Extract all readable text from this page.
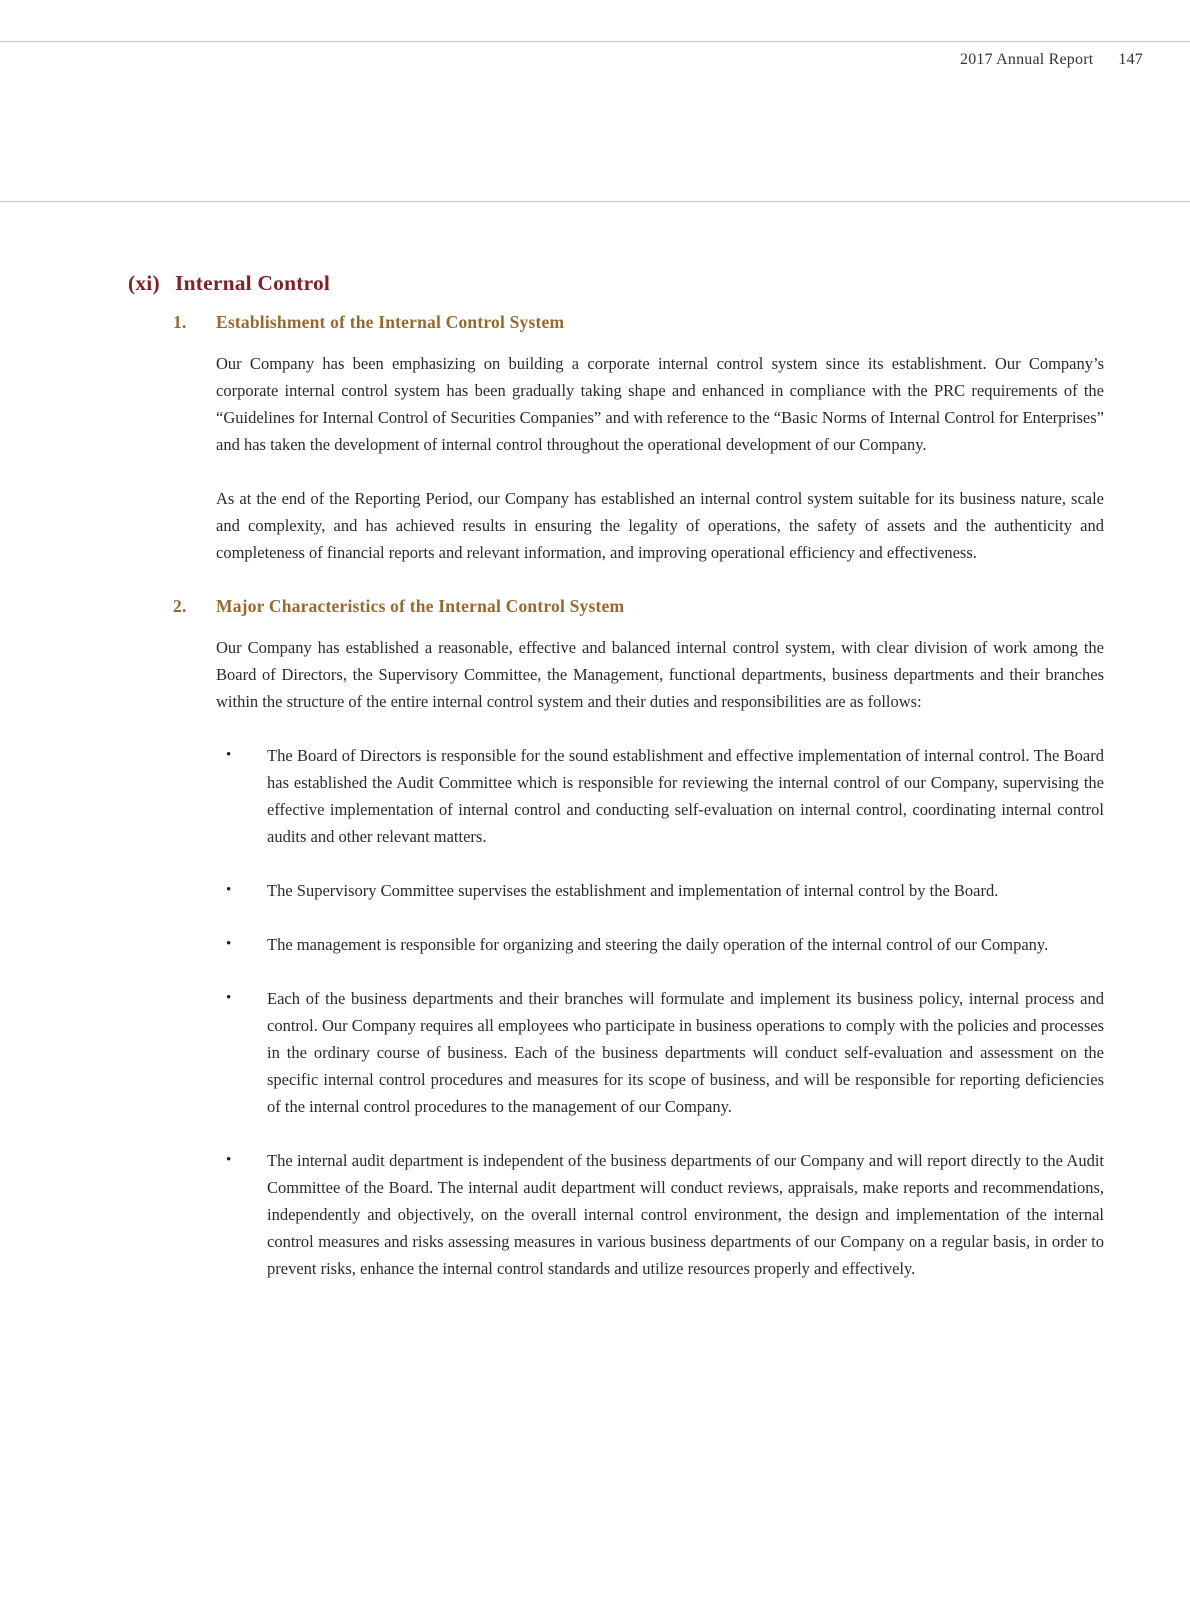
2017 Annual Report 147
(xi) Internal Control
1.	Establishment of the Internal Control System

Our Company has been emphasizing on building a corporate internal control system since its establishment. Our Company’s corporate internal control system has been gradually taking shape and enhanced in compliance with the PRC requirements of the “Guidelines for Internal Control of Securities Companies” and with reference to the “Basic Norms of Internal Control for Enterprises” and has taken the development of internal control throughout the operational development of our Company.

As at the end of the Reporting Period, our Company has established an internal control system suitable for its business nature, scale and complexity, and has achieved results in ensuring the legality of operations, the safety of assets and the authenticity and completeness of financial reports and relevant information, and improving operational efficiency and effectiveness.

2.	Major Characteristics of the Internal Control System

Our Company has established a reasonable, effective and balanced internal control system, with clear division of work among the Board of Directors, the Supervisory Committee, the Management, functional departments, business departments and their branches within the structure of the entire internal control system and their duties and responsibilities are as follows:

•	The Board of Directors is responsible for the sound establishment and effective implementation of internal control. The Board has established the Audit Committee which is responsible for reviewing the internal control of our Company, supervising the effective implementation of internal control and conducting self-evaluation on internal control, coordinating internal control audits and other relevant matters.
•	The Supervisory Committee supervises the establishment and implementation of internal control by the Board.
•	The management is responsible for organizing and steering the daily operation of the internal control of our Company.
•	Each of the business departments and their branches will formulate and implement its business policy, internal process and control. Our Company requires all employees who participate in business operations to comply with the policies and processes in the ordinary course of business. Each of the business departments will conduct self-evaluation and assessment on the specific internal control procedures and measures for its scope of business, and will be responsible for reporting deficiencies of the internal control procedures to the management of our Company.
•	The internal audit department is independent of the business departments of our Company and will report directly to the Audit Committee of the Board. The internal audit department will conduct reviews, appraisals, make reports and recommendations, independently and objectively, on the overall internal control environment, the design and implementation of the internal control measures and risks assessing measures in various business departments of our Company on a regular basis, in order to prevent risks, enhance the internal control standards and utilize resources properly and effectively.
